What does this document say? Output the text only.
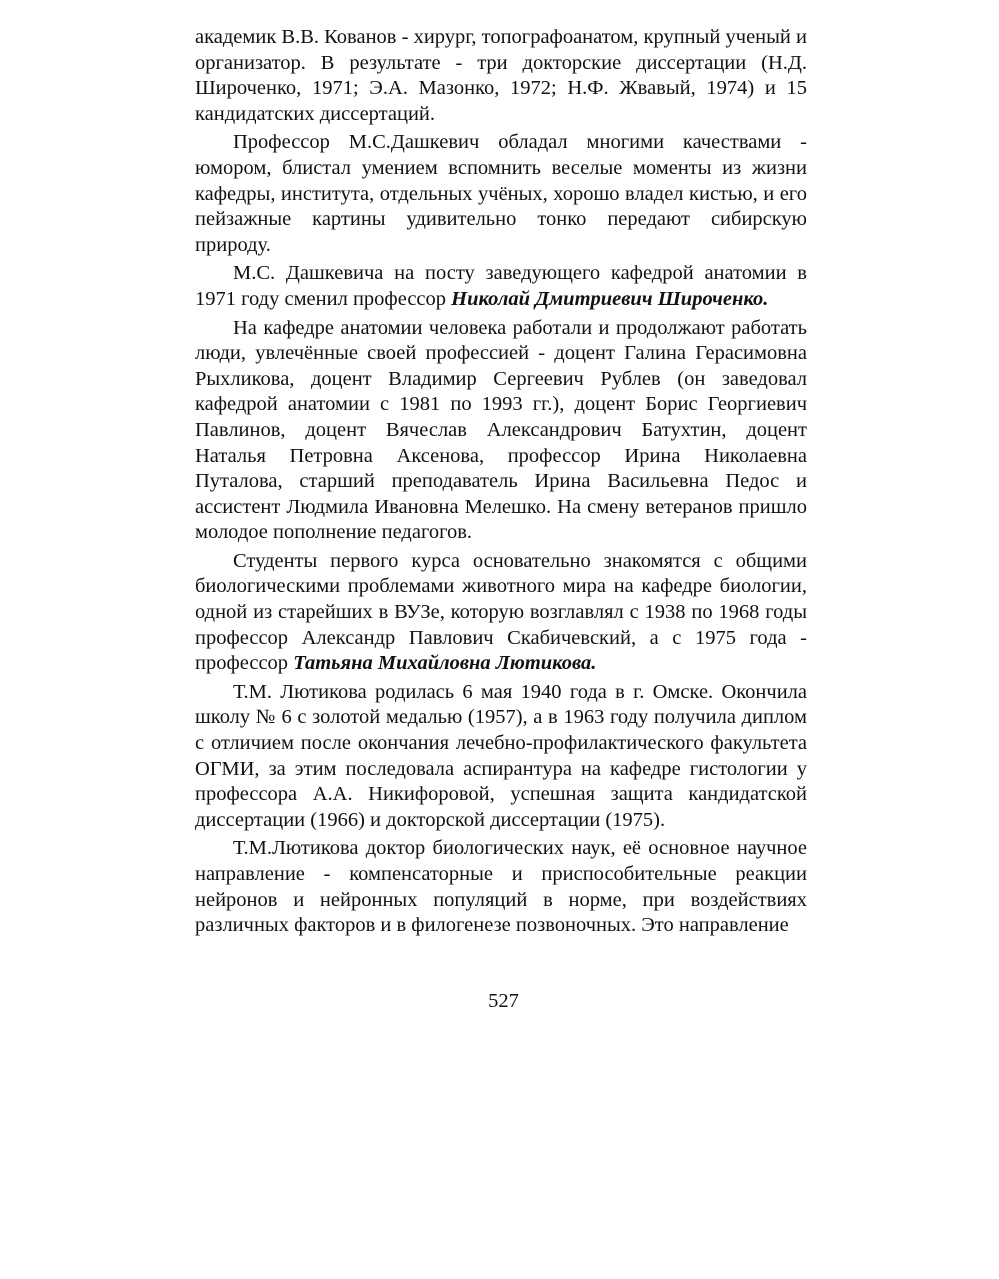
академик В.В. Кованов - хирург, топографоанатом, крупный ученый и организатор. В результате - три докторские диссертации (Н.Д. Широченко, 1971; Э.А. Мазонко, 1972; Н.Ф. Жвавый, 1974) и 15 кандидатских диссертаций.

Профессор М.С.Дашкевич обладал многими качествами - юмором, блистал умением вспомнить веселые моменты из жизни кафедры, института, отдельных учёных, хорошо владел кистью, и его пейзажные картины удивительно тонко передают сибирскую природу.

М.С. Дашкевича на посту заведующего кафедрой анатомии в 1971 году сменил профессор Николай Дмитриевич Широченко.

На кафедре анатомии человека работали и продолжают работать люди, увлечённые своей профессией - доцент Галина Герасимовна Рыхликова, доцент Владимир Сергеевич Рублев (он заведовал кафедрой анатомии с 1981 по 1993 гг.), доцент Борис Георгиевич Павлинов, доцент Вячеслав Александрович Батухтин, доцент Наталья Петровна Аксенова, профессор Ирина Николаевна Путалова, старший преподаватель Ирина Васильевна Педос и ассистент Людмила Ивановна Мелешко. На смену ветеранов пришло молодое пополнение педагогов.

Студенты первого курса основательно знакомятся с общими биологическими проблемами животного мира на кафедре биологии, одной из старейших в ВУЗе, которую возглавлял с 1938 по 1968 годы профессор Александр Павлович Скабичевский, а с 1975 года - профессор Татьяна Михайловна Лютикова.

Т.М. Лютикова родилась 6 мая 1940 года в г. Омске. Окончила школу № 6 с золотой медалью (1957), а в 1963 году получила диплом с отличием после окончания лечебно-профилактического факультета ОГМИ, за этим последовала аспирантура на кафедре гистологии у профессора А.А. Никифоровой, успешная защита кандидатской диссертации (1966) и докторской диссертации (1975).

Т.М.Лютикова доктор биологических наук, её основное научное направление - компенсаторные и приспособительные реакции нейронов и нейронных популяций в норме, при воздействиях различных факторов и в филогенезе позвоночных. Это направление

527
